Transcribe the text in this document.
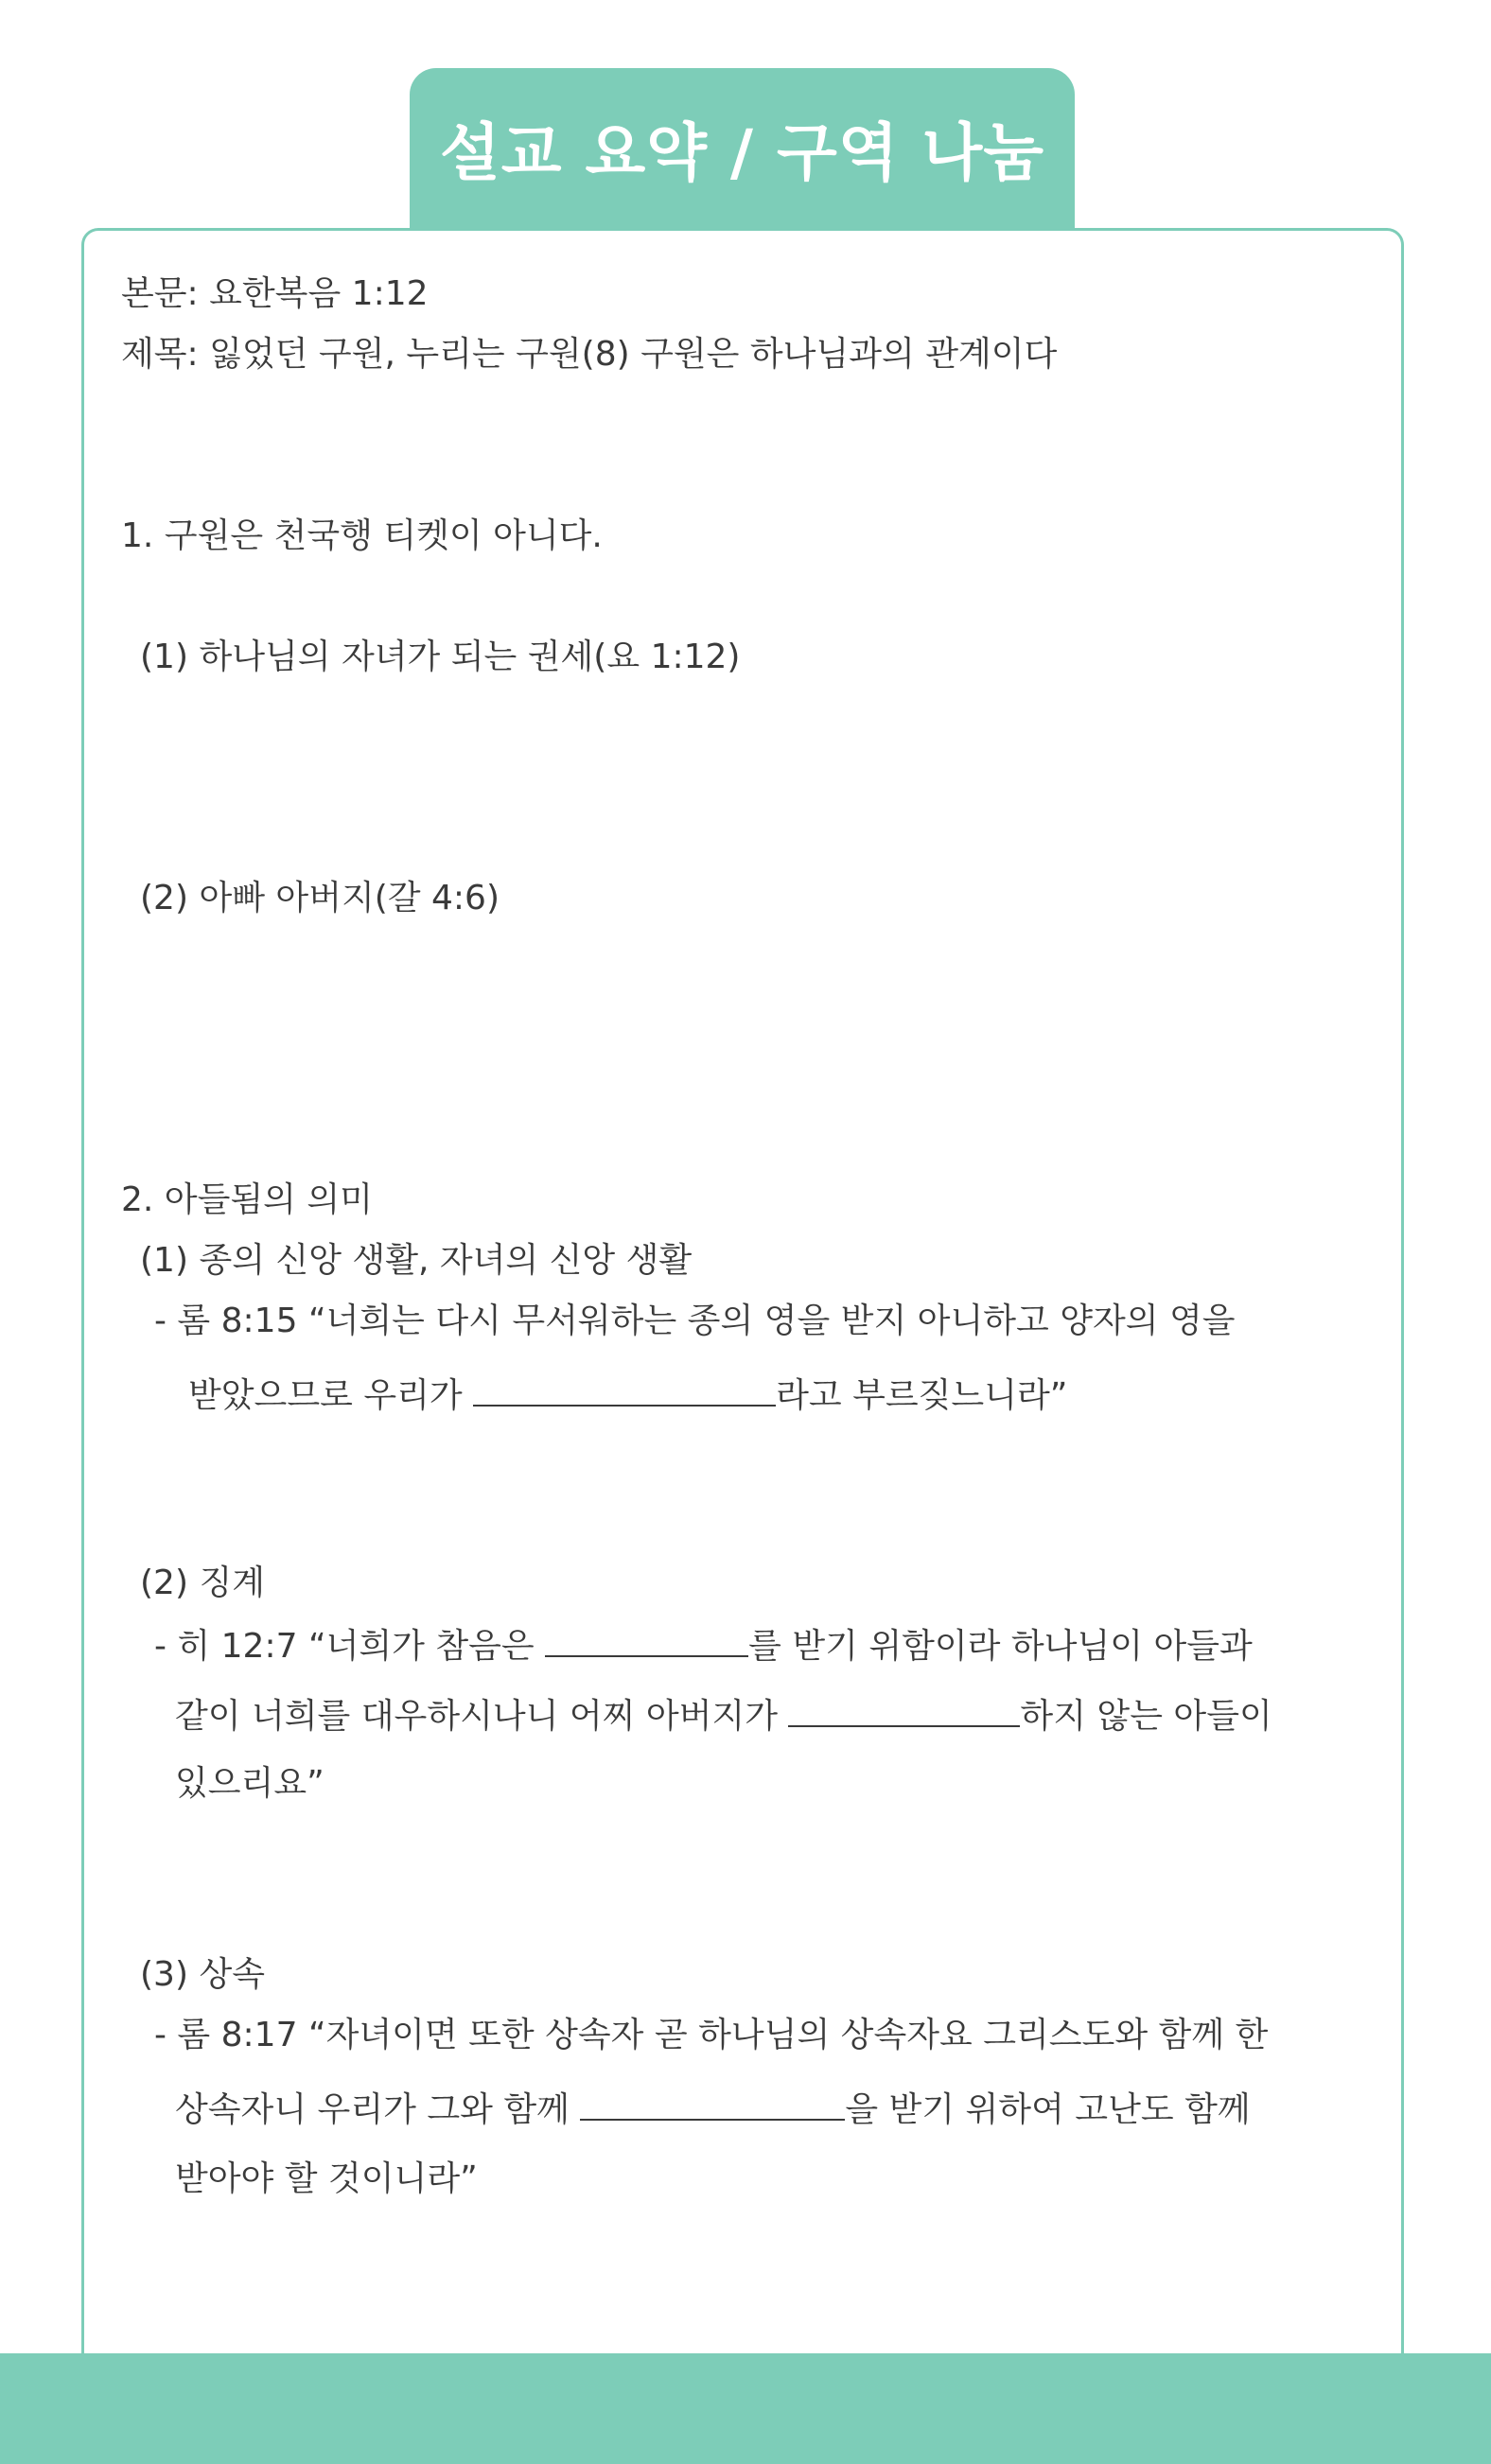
설교 요약 / 구역 나눔
본문: 요한복음 1:12
제목: 잃었던 구원, 누리는 구원(8) 구원은 하나님과의 관계이다
1. 구원은 천국행 티켓이 아니다.
(1) 하나님의 자녀가 되는 권세(요 1:12)
(2) 아빠 아버지(갈 4:6)
2. 아들됨의 의미
(1) 종의 신앙 생활, 자녀의 신앙 생활
- 롬 8:15 “너희는 다시 무서워하는 종의 영을 받지 아니하고 양자의 영을
받았으므로 우리가	라고 부르짖느니라”
(2) 징계
- 히 12:7 “너희가 참음은	를 받기 위함이라 하나님이 아들과
같이 너희를 대우하시나니 어찌 아버지가	하지 않는 아들이
있으리요”
(3) 상속
- 롬 8:17 “자녀이면 또한 상속자 곧 하나님의 상속자요 그리스도와 함께 한
상속자니 우리가 그와 함께	을 받기 위하여 고난도 함께
받아야 할 것이니라”
